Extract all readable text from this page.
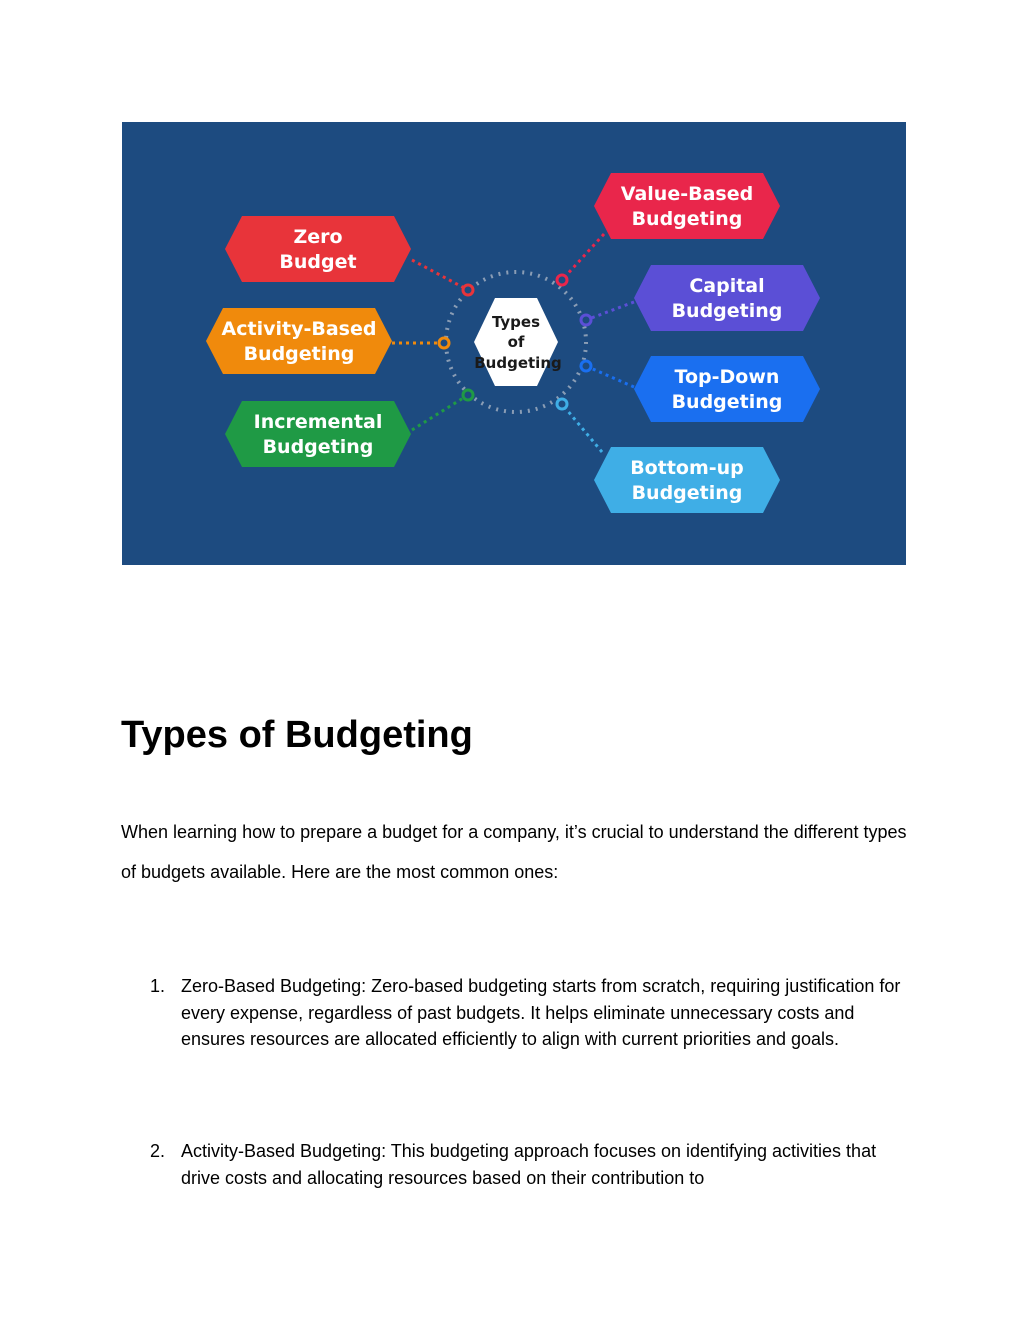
Types
of
Budgeting
Zero
Budget
Activity-Based
Budgeting
Incremental
Budgeting
Value-Based
Budgeting
Capital
Budgeting
Top-Down
Budgeting
Bottom-up
Budgeting
Types of Budgeting

When learning how to prepare a budget for a company, it’s crucial to understand the different types of budgets available. Here are the most common ones:

1. Zero-Based Budgeting: Zero-based budgeting starts from scratch, requiring justification for every expense, regardless of past budgets. It helps eliminate unnecessary costs and ensures resources are allocated efficiently to align with current priorities and goals.
2. Activity-Based Budgeting: This budgeting approach focuses on identifying activities that drive costs and allocating resources based on their contribution to
